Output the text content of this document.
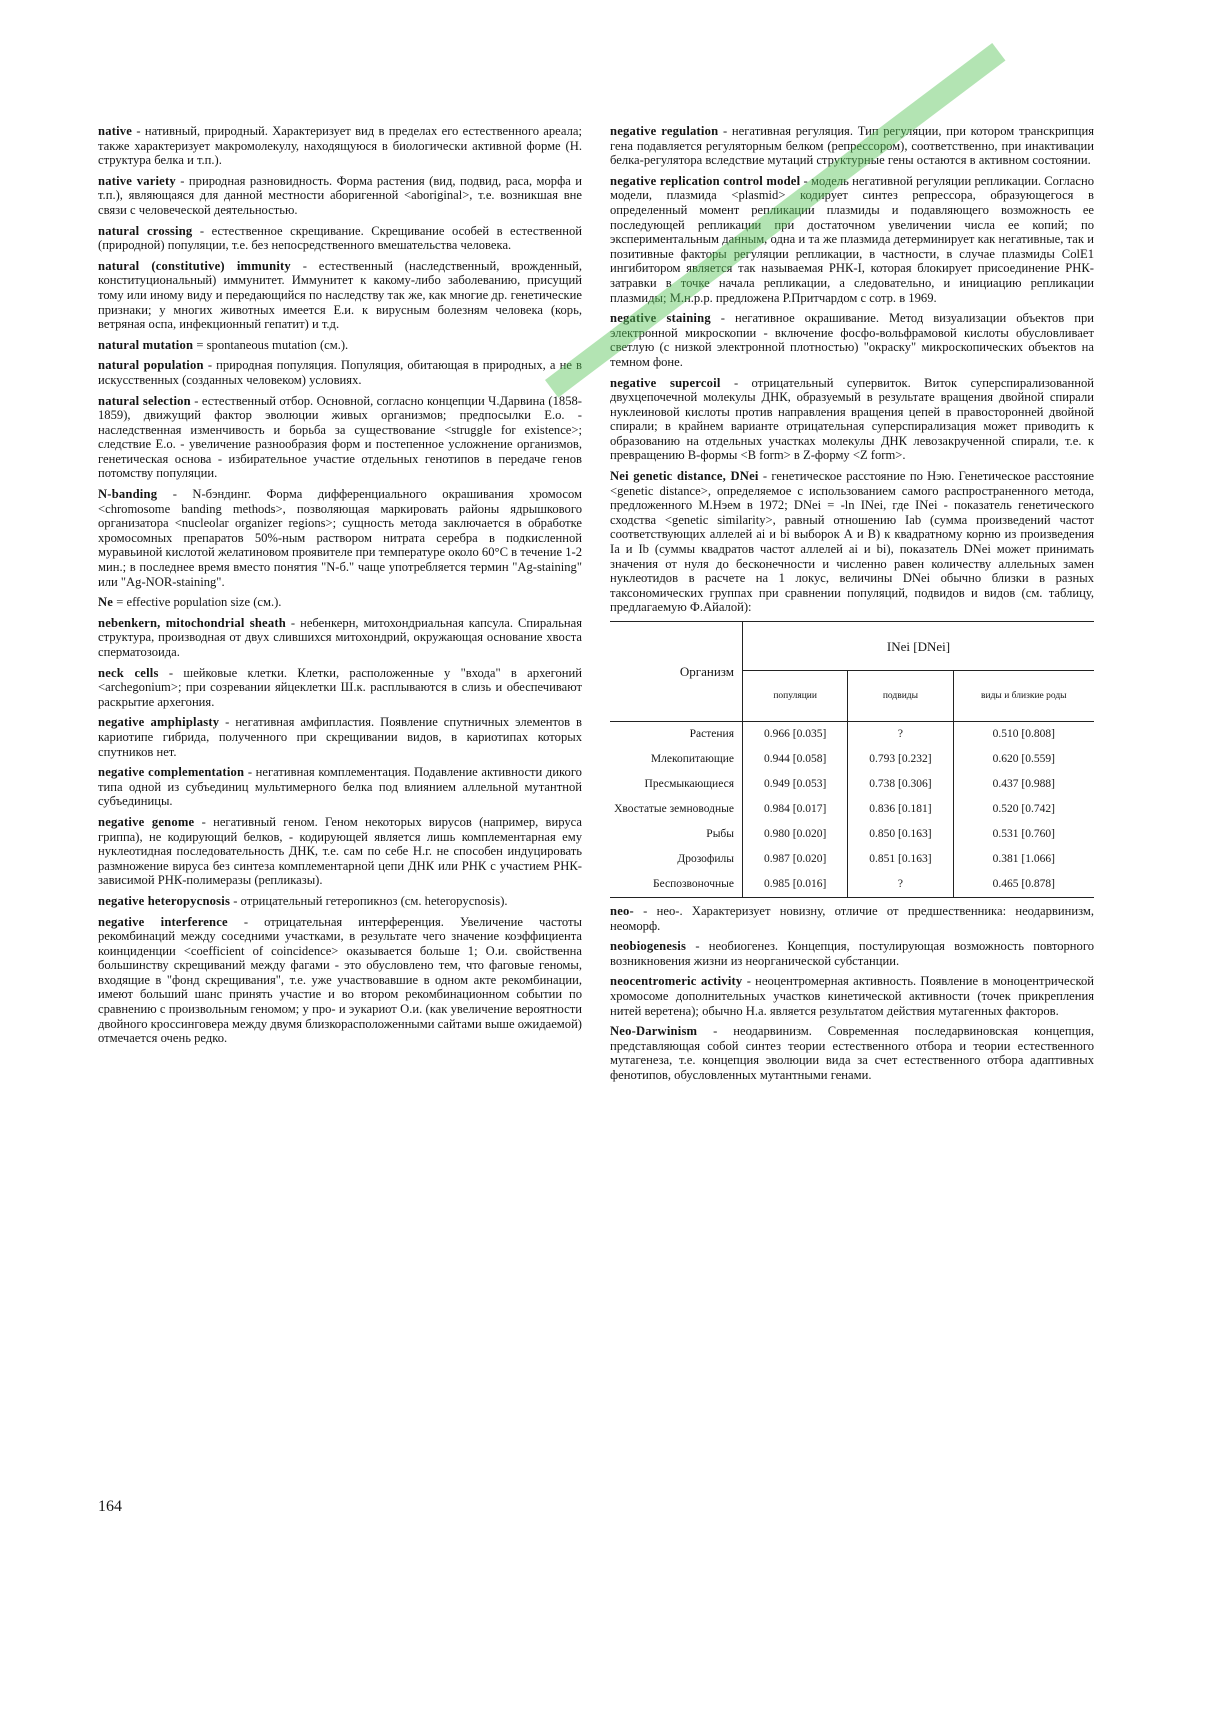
native - нативный, природный. Характеризует вид в пределах его естественного ареала; также характеризует макромолекулу, находящуюся в биологически активной форме (Н. структура белка и т.п.).

native variety - природная разновидность. Форма растения (вид, подвид, раса, морфа и т.п.), являющаяся для данной местности аборигенной <aboriginal>, т.е. возникшая вне связи с человеческой деятельностью.

natural crossing - естественное скрещивание. Скрещивание особей в естественной (природной) популяции, т.е. без непосредственного вмешательства человека.

natural (constitutive) immunity - естественный (наследственный, врожденный, конституциональный) иммунитет. Иммунитет к какому-либо заболеванию, присущий тому или иному виду и передающийся по наследству так же, как многие др. генетические признаки; у многих животных имеется Е.и. к вирусным болезням человека (корь, ветряная оспа, инфекционный гепатит) и т.д.

natural mutation = spontaneous mutation (см.).

natural population - природная популяция. Популяция, обитающая в природных, а не в искусственных (созданных человеком) условиях.

natural selection - естественный отбор. Основной, согласно концепции Ч.Дарвина (1858-1859), движущий фактор эволюции живых организмов; предпосылки Е.о. - наследственная изменчивость и борьба за существование <struggle for existence>; следствие Е.о. - увеличение разнообразия форм и постепенное усложнение организмов, генетическая основа - избирательное участие отдельных генотипов в передаче генов потомству популяции.

N-banding - N-бэндинг. Форма дифференциального окрашивания хромосом <chromosome banding methods>, позволяющая маркировать районы ядрышкового организатора <nucleolar organizer regions>; сущность метода заключается в обработке хромосомных препаратов 50%-ным раствором нитрата серебра в подкисленной муравьиной кислотой желатиновом проявителе при температуре около 60°С в течение 1-2 мин.; в последнее время вместо понятия "N-б." чаще употребляется термин "Ag-staining" или "Ag-NOR-staining".

Ne = effective population size (см.).

nebenkern, mitochondrial sheath - небенкерн, митохондриальная капсула. Спиральная структура, производная от двух слившихся митохондрий, окружающая основание хвоста сперматозоида.

neck cells - шейковые клетки. Клетки, расположенные у "входа" в архегоний <archegonium>; при созревании яйцеклетки Ш.к. расплываются в слизь и обеспечивают раскрытие архегония.

negative amphiplasty - негативная амфипластия. Появление спутничных элементов в кариотипе гибрида, полученного при скрещивании видов, в кариотипах которых спутников нет.

negative complementation - негативная комплементация. Подавление активности дикого типа одной из субъединиц мультимерного белка под влиянием аллельной мутантной субъединицы.

negative genome - негативный геном. Геном некоторых вирусов (например, вируса гриппа), не кодирующий белков, - кодирующей является лишь комплементарная ему нуклеотидная последовательность ДНК, т.е. сам по себе Н.г. не способен индуцировать размножение вируса без синтеза комплементарной цепи ДНК или РНК с участием РНК-зависимой РНК-полимеразы (репликазы).

negative heteropycnosis - отрицательный гетеропикноз (см. heteropycnosis).

negative interference - отрицательная интерференция. Увеличение частоты рекомбинаций между соседними участками, в результате чего значение коэффициента коинциденции <coefficient of coincidence> оказывается больше 1; О.и. свойственна большинству скрещиваний между фагами - это обусловлено тем, что фаговые геномы, входящие в "фонд скрещивания", т.е. уже участвовавшие в одном акте рекомбинации, имеют больший шанс принять участие и во втором рекомбинационном событии по сравнению с произвольным геномом; у про- и эукариот О.и. (как увеличение вероятности двойного кроссинговера между двумя близкорасположенными сайтами выше ожидаемой) отмечается очень редко.

negative regulation - негативная регуляция. Тип регуляции, при котором транскрипция гена подавляется регуляторным белком (репрессором), соответственно, при инактивации белка-регулятора вследствие мутаций структурные гены остаются в активном состоянии.

negative replication control model - модель негативной регуляции репликации. Согласно модели, плазмида <plasmid> кодирует синтез репрессора, образующегося в определенный момент репликации плазмиды и подавляющего возможность ее последующей репликации при достаточном увеличении числа ее копий; по экспериментальным данным, одна и та же плазмида детерминирует как негативные, так и позитивные факторы регуляции репликации, в частности, в случае плазмиды ColE1 ингибитором является так называемая РНК-I, которая блокирует присоединение РНК-затравки в точке начала репликации, а следовательно, и инициацию репликации плазмиды; М.н.р.р. предложена Р.Притчардом с сотр. в 1969.

negative staining - негативное окрашивание. Метод визуализации объектов при электронной микроскопии - включение фосфо-вольфрамовой кислоты обусловливает светлую (с низкой электронной плотностью) "окраску" микроскопических объектов на темном фоне.

negative supercoil - отрицательный супервиток. Виток суперспирализованной двухцепочечной молекулы ДНК, образуемый в результате вращения двойной спирали нуклеиновой кислоты против направления вращения цепей в правосторонней двойной спирали; в крайнем варианте отрицательная суперспирализация может приводить к образованию на отдельных участках молекулы ДНК левозакрученной спирали, т.е. к превращению В-формы <B form> в Z-форму <Z form>.

Nei genetic distance, DNei - генетическое расстояние по Нэю. Генетическое расстояние <genetic distance>, определяемое с использованием самого распространенного метода, предложенного М.Нэем в 1972; DNei = -ln INei, где INei - показатель генетического сходства <genetic similarity>, равный отношению Iab (сумма произведений частот соответствующих аллелей ai и bi выборок А и В) к квадратному корню из произведения Ia и Ib (суммы квадратов частот аллелей ai и bi), показатель DNei может принимать значения от нуля до бесконечности и численно равен количеству аллельных замен нуклеотидов в расчете на 1 локус, величины DNei обычно близки в разных таксономических группах при сравнении популяций, подвидов и видов (см. таблицу, предлагаемую Ф.Айалой):

Организм	INei [DNei]		
	популяции	подвиды	виды и близкие роды
Растения	0.966 [0.035]	?	0.510 [0.808]
Млекопитающие	0.944 [0.058]	0.793 [0.232]	0.620 [0.559]
Пресмыкающиеся	0.949 [0.053]	0.738 [0.306]	0.437 [0.988]
Хвостатые земноводные	0.984 [0.017]	0.836 [0.181]	0.520 [0.742]
Рыбы	0.980 [0.020]	0.850 [0.163]	0.531 [0.760]
Дрозофилы	0.987 [0.020]	0.851 [0.163]	0.381 [1.066]
Беспозвоночные	0.985 [0.016]	?	0.465 [0.878]

neo- - нео-. Характеризует новизну, отличие от предшественника: неодарвинизм, неоморф.

neobiogenesis - необиогенез. Концепция, постулирующая возможность повторного возникновения жизни из неорганической субстанции.

neocentromeric activity - неоцентромерная активность. Появление в моноцентрической хромосоме дополнительных участков кинетической активности (точек прикрепления нитей веретена); обычно Н.а. является результатом действия мутагенных факторов.

Neo-Darwinism - неодарвинизм. Современная последарвиновская концепция, представляющая собой синтез теории естественного отбора и теории естественного мутагенеза, т.е. концепция эволюции вида за счет естественного отбора адаптивных фенотипов, обусловленных мутантными генами.

164
